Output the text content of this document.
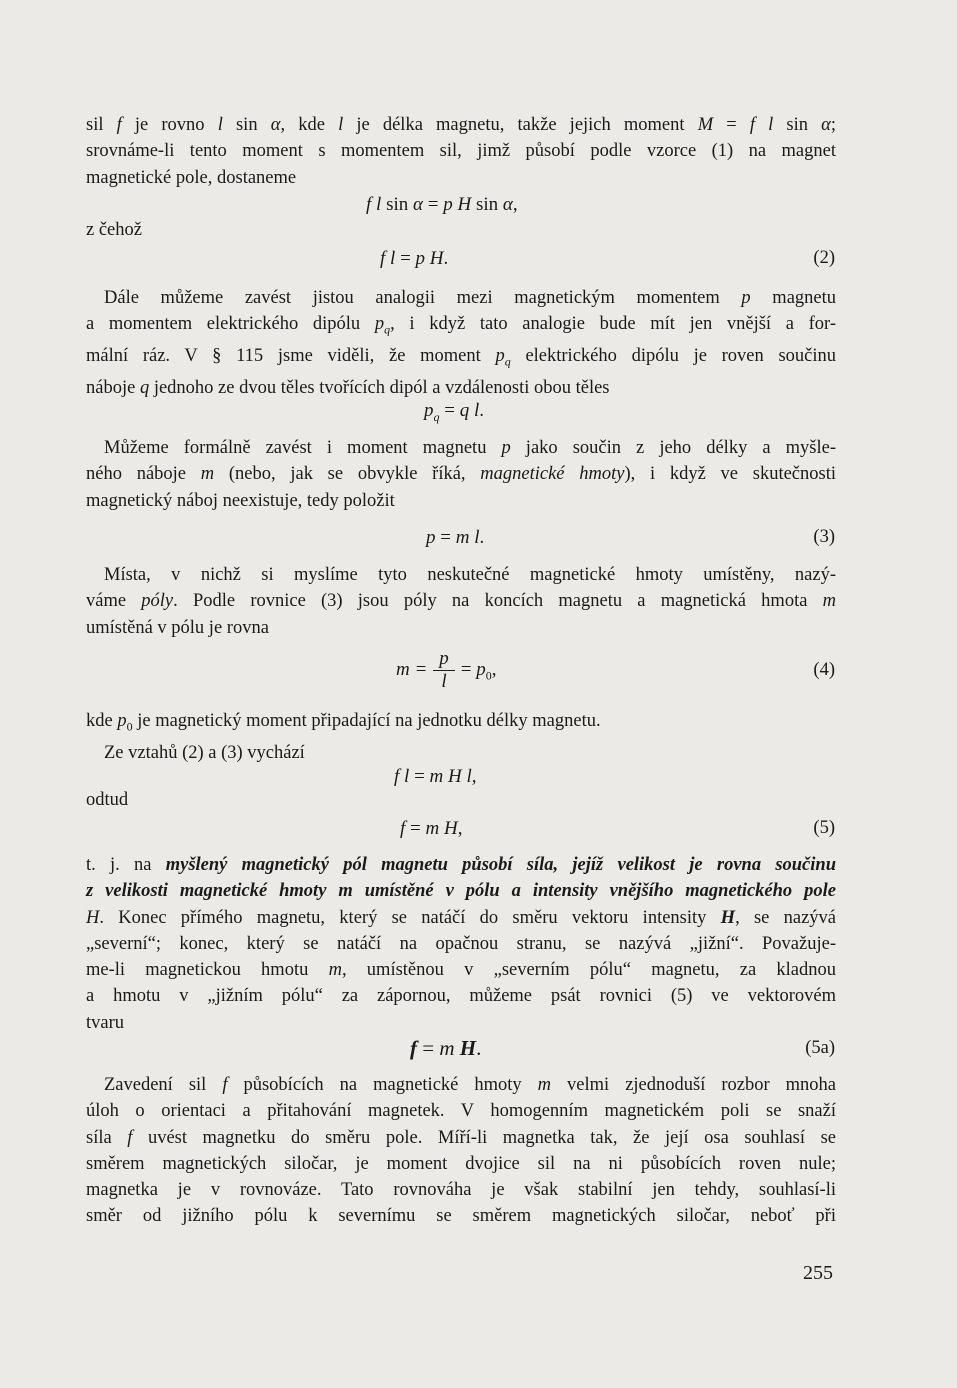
sil f je rovno l sin α, kde l je délka magnetu, takže jejich moment M = f l sin α;
srovnáme-li tento moment s momentem sil, jimž působí podle vzorce (1) na magnet
magnetické pole, dostaneme
f l sin α = p H sin α,
z čehož
f l = p H.	(2)
Dále můžeme zavést jistou analogii mezi magnetickým momentem p magnetu
a momentem elektrického dipólu $p_q$, i když tato analogie bude mít jen vnější a for-
mální ráz. V § 115 jsme viděli, že moment $p_q$ elektrického dipólu je roven součinu
náboje q jednoho ze dvou těles tvořících dipól a vzdálenosti obou těles
$p_q = q$ l.
Můžeme formálně zavést i moment magnetu p jako součin z jeho délky a myšle-
ného náboje m (nebo, jak se obvykle říká, magnetické hmoty), i když ve skutečnosti
magnetický náboj neexistuje, tedy položit
p = m l.	(3)
Místa, v nichž si myslíme tyto neskutečné magnetické hmoty umístěny, nazý-
váme póly. Podle rovnice (3) jsou póly na koncích magnetu a magnetická hmota m
umístěná v pólu je rovna
$m = \frac{p}{l} = p_0$,	(4)
kde $p_0$ je magnetický moment připadající na jednotku délky magnetu.
Ze vztahů (2) a (3) vychází
f l = m H l,
odtud
f = m H,	(5)
t. j. na myšlený magnetický pól magnetu působí síla, jejíž velikost je rovna součinu
z velikosti magnetické hmoty m umístěné v pólu a intensity vnějšího magnetického pole
H. Konec přímého magnetu, který se natáčí do směru vektoru intensity H, se nazývá
„severní“; konec, který se natáčí na opačnou stranu, se nazývá „jižní“. Považuje-
me-li magnetickou hmotu m, umístěnou v „severním pólu“ magnetu, za kladnou
a hmotu v „jižním pólu“ za zápornou, můžeme psát rovnici (5) ve vektorovém
tvaru
f = m H.	(5a)
Zavedení sil f působících na magnetické hmoty m velmi zjednoduší rozbor mnoha
úloh o orientaci a přitahování magnetek. V homogenním magnetickém poli se snaží
síla f uvést magnetku do směru pole. Míří-li magnetka tak, že její osa souhlasí se
směrem magnetických siločar, je moment dvojice sil na ni působících roven nule;
magnetka je v rovnováze. Tato rovnováha je však stabilní jen tehdy, souhlasí-li
směr od jižního pólu k severnímu se směrem magnetických siločar, neboť při
255
